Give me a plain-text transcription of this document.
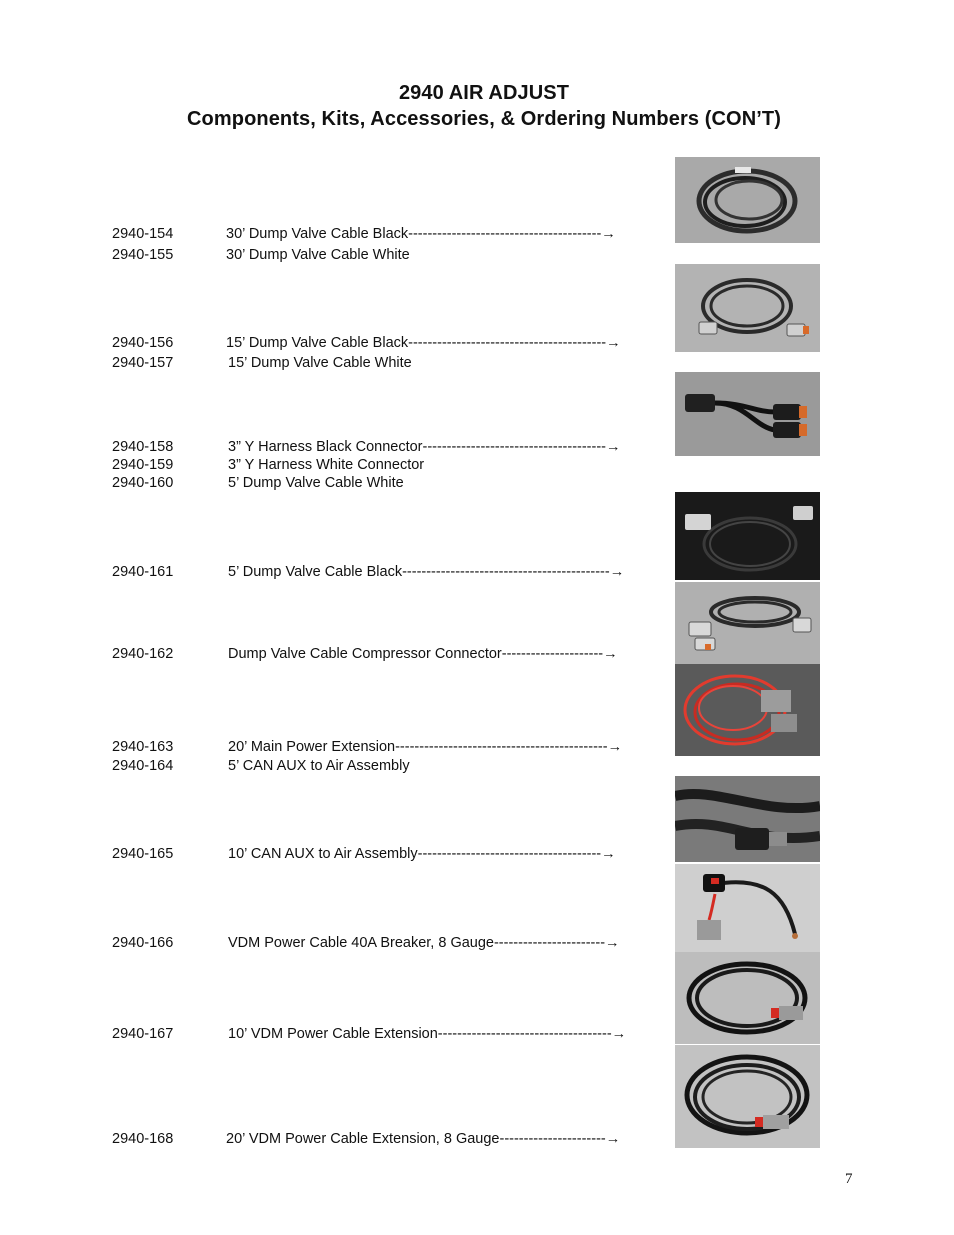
2940 AIR ADJUST
Components, Kits, Accessories, & Ordering Numbers (CON’T)
2940-154	30’ Dump Valve Cable Black----------------------------------------→
2940-155	30’ Dump Valve Cable White
2940-156	15’ Dump Valve Cable Black-----------------------------------------→
2940-157	15’ Dump Valve Cable White
2940-158	3” Y Harness Black Connector--------------------------------------→
2940-159	3” Y Harness White Connector
2940-160	5’ Dump Valve Cable White
2940-161	5’ Dump Valve Cable Black-------------------------------------------→
2940-162	Dump Valve Cable Compressor Connector---------------------→
2940-163	20’ Main Power Extension--------------------------------------------→
2940-164	5’ CAN AUX to Air Assembly
2940-165	10’ CAN AUX to Air Assembly--------------------------------------→
2940-166	VDM Power Cable 40A Breaker, 8 Gauge-----------------------→
2940-167	10’ VDM Power Cable Extension------------------------------------→
2940-168	20’ VDM Power Cable Extension, 8 Gauge----------------------→
7
